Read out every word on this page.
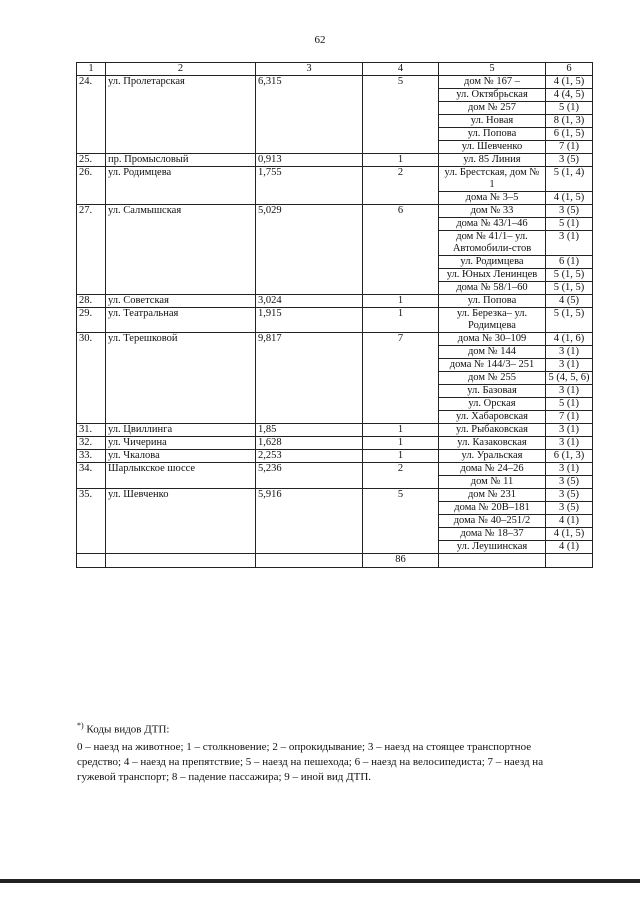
62
1	2	3	4	5	6
24.	ул. Пролетарская	6,315	5	дом № 167 –	4 (1, 5)
				ул. Октябрьская	4 (4, 5)
				дом № 257	5 (1)
				ул. Новая	8 (1, 3)
				ул. Попова	6 (1, 5)
				ул. Шевченко	7 (1)
25.	пр. Промысловый	0,913	1	ул. 85 Линия	3 (5)
26.	ул. Родимцева	1,755	2	ул. Брестская, дом № 1	5 (1, 4)
				дома № 3–5	4 (1, 5)
27.	ул. Салмышская	5,029	6	дом № 33	3 (5)
				дома № 43/1–46	5 (1)
				дом № 41/1– ул. Автомобили-стов	3 (1)
				ул. Родимцева	6 (1)
				ул. Юных Ленинцев	5 (1, 5)
				дома № 58/1–60	5 (1, 5)
28.	ул. Советская	3,024	1	ул. Попова	4 (5)
29.	ул. Театральная	1,915	1	ул. Березка– ул. Родимцева	5 (1, 5)
30.	ул. Терешковой	9,817	7	дома № 30–109	4 (1, 6)
				дом № 144	3 (1)
				дома № 144/3– 251	3 (1)
				дом № 255	5 (4, 5, 6)
				ул. Базовая	3 (1)
				ул. Орская	5 (1)
				ул. Хабаровская	7 (1)
31.	ул. Цвиллинга	1,85	1	ул. Рыбаковская	3 (1)
32.	ул. Чичерина	1,628	1	ул. Казаковская	3 (1)
33.	ул. Чкалова	2,253	1	ул. Уральская	6 (1, 3)
34.	Шарлыкское шоссе	5,236	2	дома № 24–26	3 (1)
				дом № 11	3 (5)
35.	ул. Шевченко	5,916	5	дом № 231	3 (5)
				дома № 20В–181	3 (5)
				дома № 40–251/2	4 (1)
				дома № 18–37	4 (1, 5)
				ул. Леушинская	4 (1)
			86		
*) Коды видов ДТП:
0 – наезд на животное; 1 – столкновение; 2 – опрокидывание; 3 – наезд на стоящее транспортное средство; 4 – наезд на препятствие; 5 – наезд на пешехода; 6 – наезд на велосипедиста; 7 – наезд на гужевой транспорт; 8 – падение пассажира; 9 – иной вид ДТП.
